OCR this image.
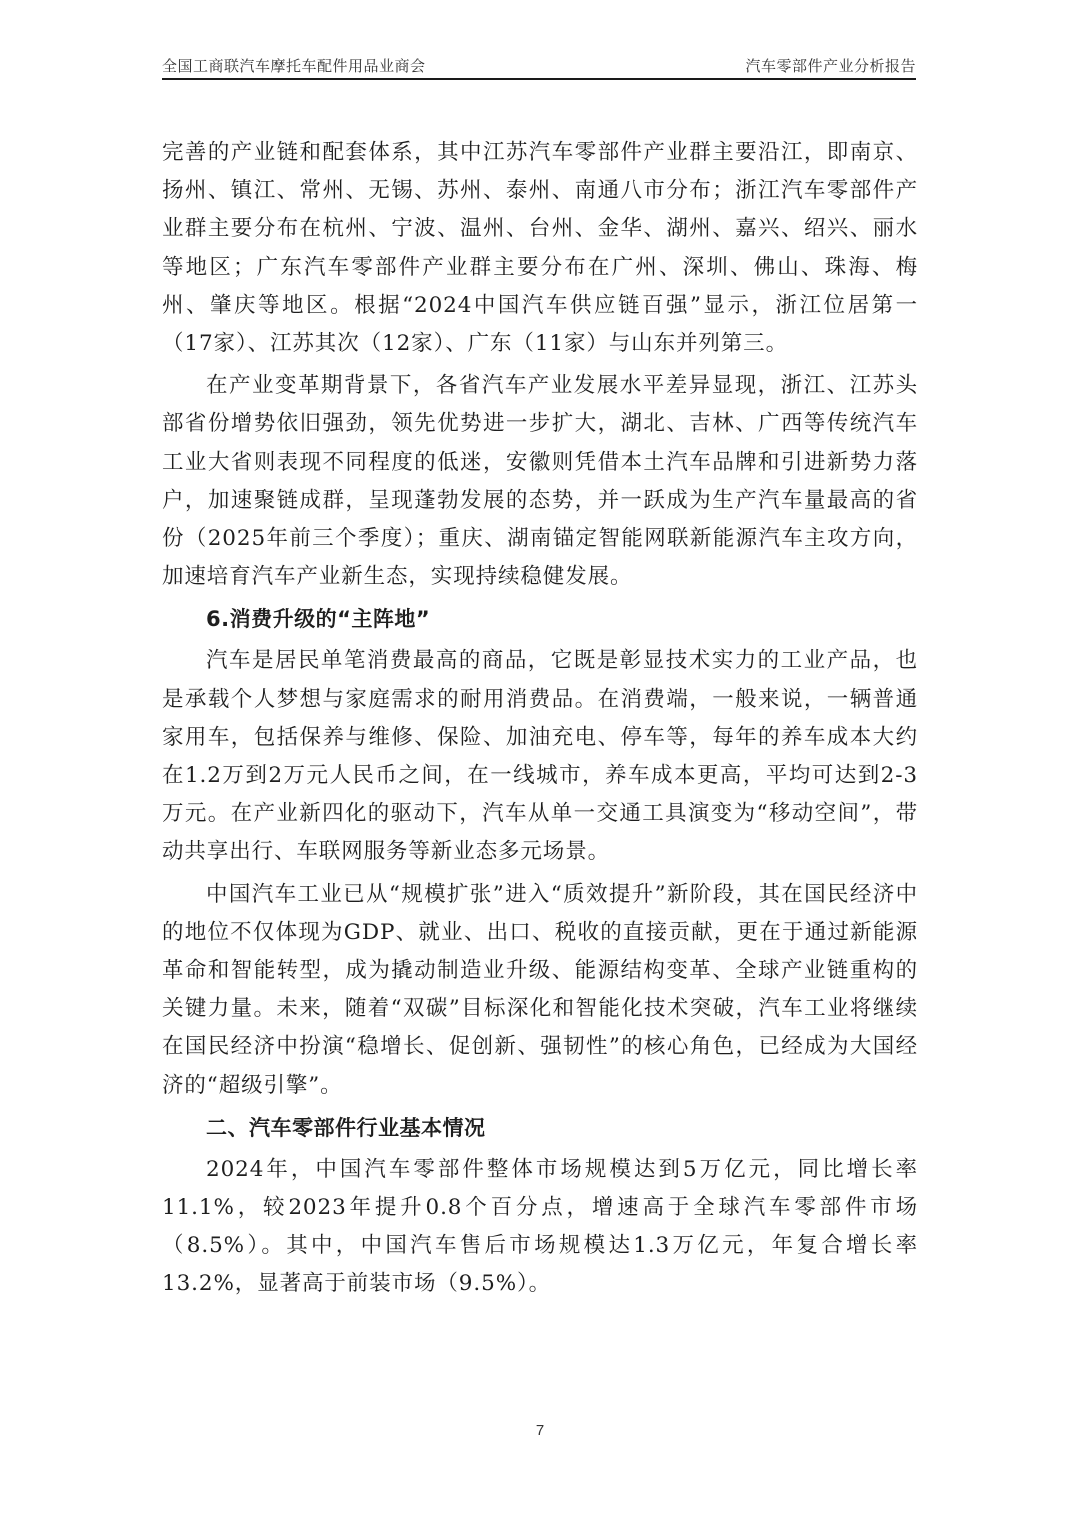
全国工商联汽车摩托车配件用品业商会	汽车零部件产业分析报告

完善的产业链和配套体系，其中江苏汽车零部件产业群主要沿江，即南京、扬州、镇江、常州、无锡、苏州、泰州、南通八市分布；浙江汽车零部件产业群主要分布在杭州、宁波、温州、台州、金华、湖州、嘉兴、绍兴、丽水等地区；广东汽车零部件产业群主要分布在广州、深圳、佛山、珠海、梅州、肇庆等地区。根据“2024中国汽车供应链百强”显示，浙江位居第一（17家）、江苏其次（12家）、广东（11家）与山东并列第三。

在产业变革期背景下，各省汽车产业发展水平差异显现，浙江、江苏头部省份增势依旧强劲，领先优势进一步扩大，湖北、吉林、广西等传统汽车工业大省则表现不同程度的低迷，安徽则凭借本土汽车品牌和引进新势力落户，加速聚链成群，呈现蓬勃发展的态势，并一跃成为生产汽车量最高的省份（2025年前三个季度）；重庆、湖南锚定智能网联新能源汽车主攻方向，加速培育汽车产业新生态，实现持续稳健发展。

6.消费升级的“主阵地”

汽车是居民单笔消费最高的商品，它既是彰显技术实力的工业产品，也是承载个人梦想与家庭需求的耐用消费品。在消费端，一般来说，一辆普通家用车，包括保养与维修、保险、加油充电、停车等，每年的养车成本大约在1.2万到2万元人民币之间，在一线城市，养车成本更高，平均可达到2-3万元。在产业新四化的驱动下，汽车从单一交通工具演变为“移动空间”，带动共享出行、车联网服务等新业态多元场景。

中国汽车工业已从“规模扩张”进入“质效提升”新阶段，其在国民经济中的地位不仅体现为GDP、就业、出口、税收的直接贡献，更在于通过新能源革命和智能转型，成为撬动制造业升级、能源结构变革、全球产业链重构的关键力量。未来，随着“双碳”目标深化和智能化技术突破，汽车工业将继续在国民经济中扮演“稳增长、促创新、强韧性”的核心角色，已经成为大国经济的“超级引擎”。

二、汽车零部件行业基本情况

2024年，中国汽车零部件整体市场规模达到5万亿元，同比增长率11.1%，较2023年提升0.8个百分点，增速高于全球汽车零部件市场（8.5%）。其中，中国汽车售后市场规模达1.3万亿元，年复合增长率13.2%，显著高于前装市场（9.5%）。

7
